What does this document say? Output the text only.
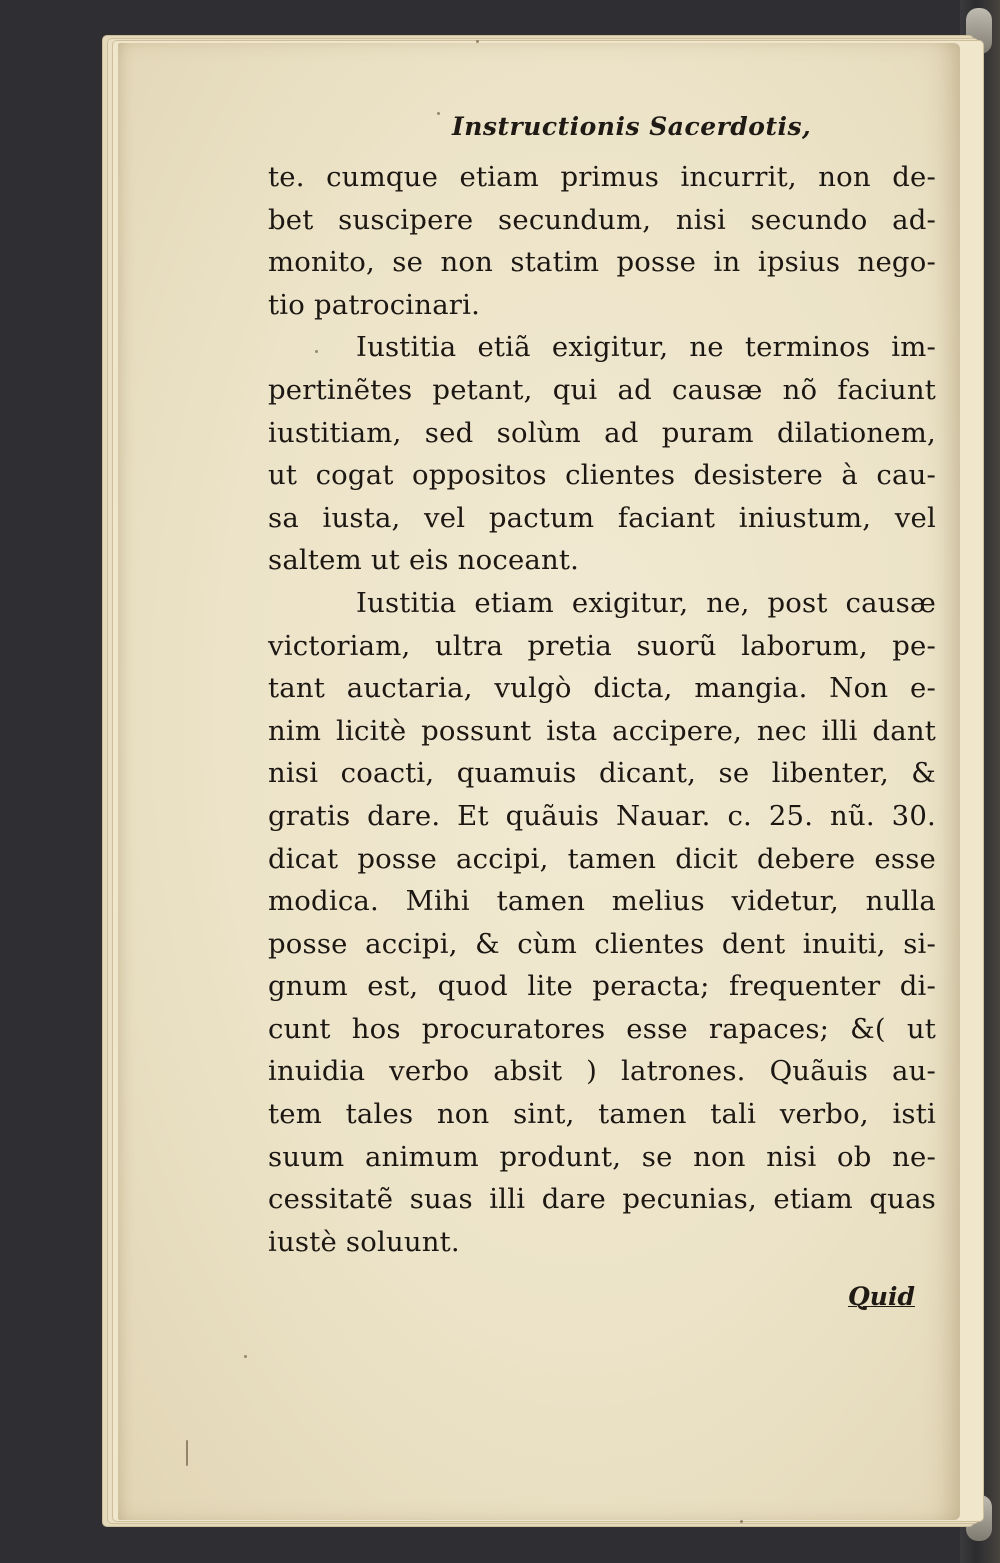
Instructionis Sacerdotis,
te. cumque etiam primus incurrit, non de-
bet suscipere secundum, nisi secundo ad-
monito, se non statim posse in ipsius nego-
tio patrocinari.
Iustitia etiã exigitur, ne terminos im-
pertinẽtes petant, qui ad causæ nõ faciunt
iustitiam, sed solùm ad puram dilationem,
ut cogat oppositos clientes desistere à cau-
sa iusta, vel pactum faciant iniustum, vel
saltem ut eis noceant.
Iustitia etiam exigitur, ne, post causæ
victoriam, ultra pretia suorũ laborum, pe-
tant auctaria, vulgò dicta, mangia. Non e-
nim licitè possunt ista accipere, nec illi dant
nisi coacti, quamuis dicant, se libenter, &
gratis dare. Et quãuis Nauar. c. 25. nũ. 30.
dicat posse accipi, tamen dicit debere esse
modica. Mihi tamen melius videtur, nulla
posse accipi, & cùm clientes dent inuiti, si-
gnum est, quod lite peracta; frequenter di-
cunt hos procuratores esse rapaces; &( ut
inuidia verbo absit ) latrones. Quãuis au-
tem tales non sint, tamen tali verbo, isti
suum animum produnt, se non nisi ob ne-
cessitatẽ suas illi dare pecunias, etiam quas
iustè soluunt.
Quid
